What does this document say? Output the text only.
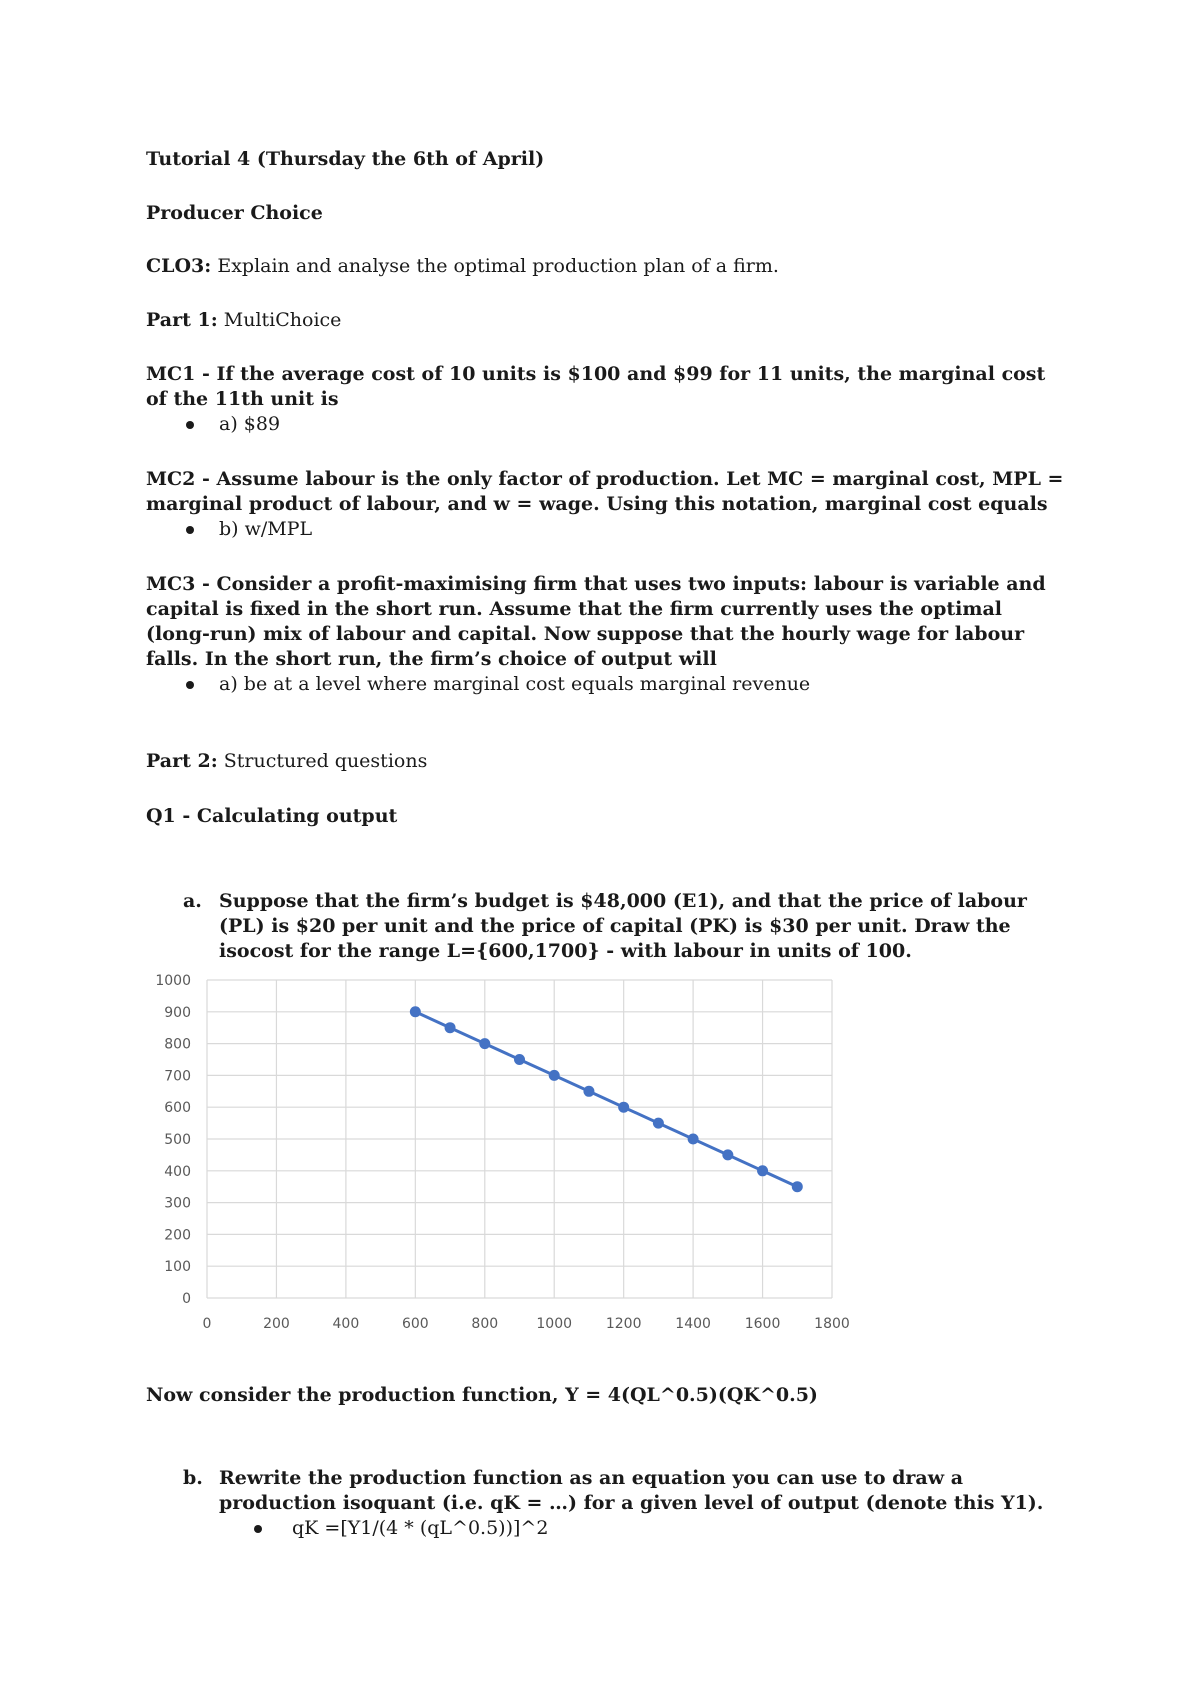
Tutorial 4 (Thursday the 6th of April)
Producer Choice
CLO3: Explain and analyse the optimal production plan of a firm.
Part 1: MultiChoice
MC1 - If the average cost of 10 units is $100 and $99 for 11 units, the marginal cost of the 11th unit is
a) $89
MC2 - Assume labour is the only factor of production. Let MC = marginal cost, MPL = marginal product of labour, and w = wage. Using this notation, marginal cost equals
b) w/MPL
MC3 - Consider a profit-maximising firm that uses two inputs: labour is variable and capital is fixed in the short run. Assume that the firm currently uses the optimal (long-run) mix of labour and capital. Now suppose that the hourly wage for labour falls. In the short run, the firm’s choice of output will
a) be at a level where marginal cost equals marginal revenue
Part 2: Structured questions
Q1 - Calculating output
a. Suppose that the firm’s budget is $48,000 (E1), and that the price of labour (PL) is $20 per unit and the price of capital (PK) is $30 per unit. Draw the isocost for the range L={600,1700} - with labour in units of 100.
0
100
200
300
400
500
600
700
800
900
1000
0	200	400	600	800	1000 1200 1400 1600 1800
Now consider the production function, Y = 4(QL^0.5)(QK^0.5)
b. Rewrite the production function as an equation you can use to draw a production isoquant (i.e. qK = …) for a given level of output (denote this Y1).
qK =[Y1/(4 * (qL^0.5))]^2
